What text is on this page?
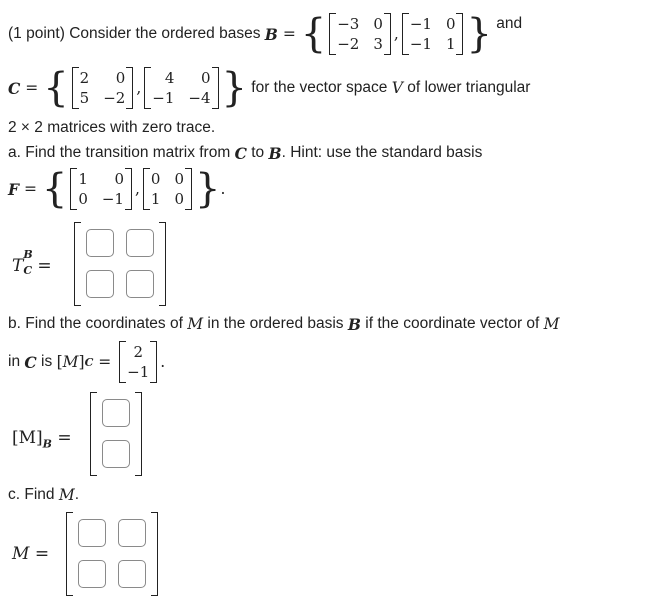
(1 point)
Consider the ordered bases
B = { −3 0
−2 3
,
−1 0
−1 1 }
and
C = { 2	0
5 −2
,
4	0
−1 −4 }
for the vector space
V
of lower triangular
2 × 2
matrices with zero trace.
a. Find the transition matrix from
C
to
B . Hint: use the standard basis
F = { 1	0
0 −1
,
0 0
1 0 } .
T
B
C =
b. Find the coordinates of
M
in the ordered basis
B
if the coordinate vector of
M
in
C
is
[ M ] C =
2
−1
.
$[M]_B$ =
c. Find
M .
M =
